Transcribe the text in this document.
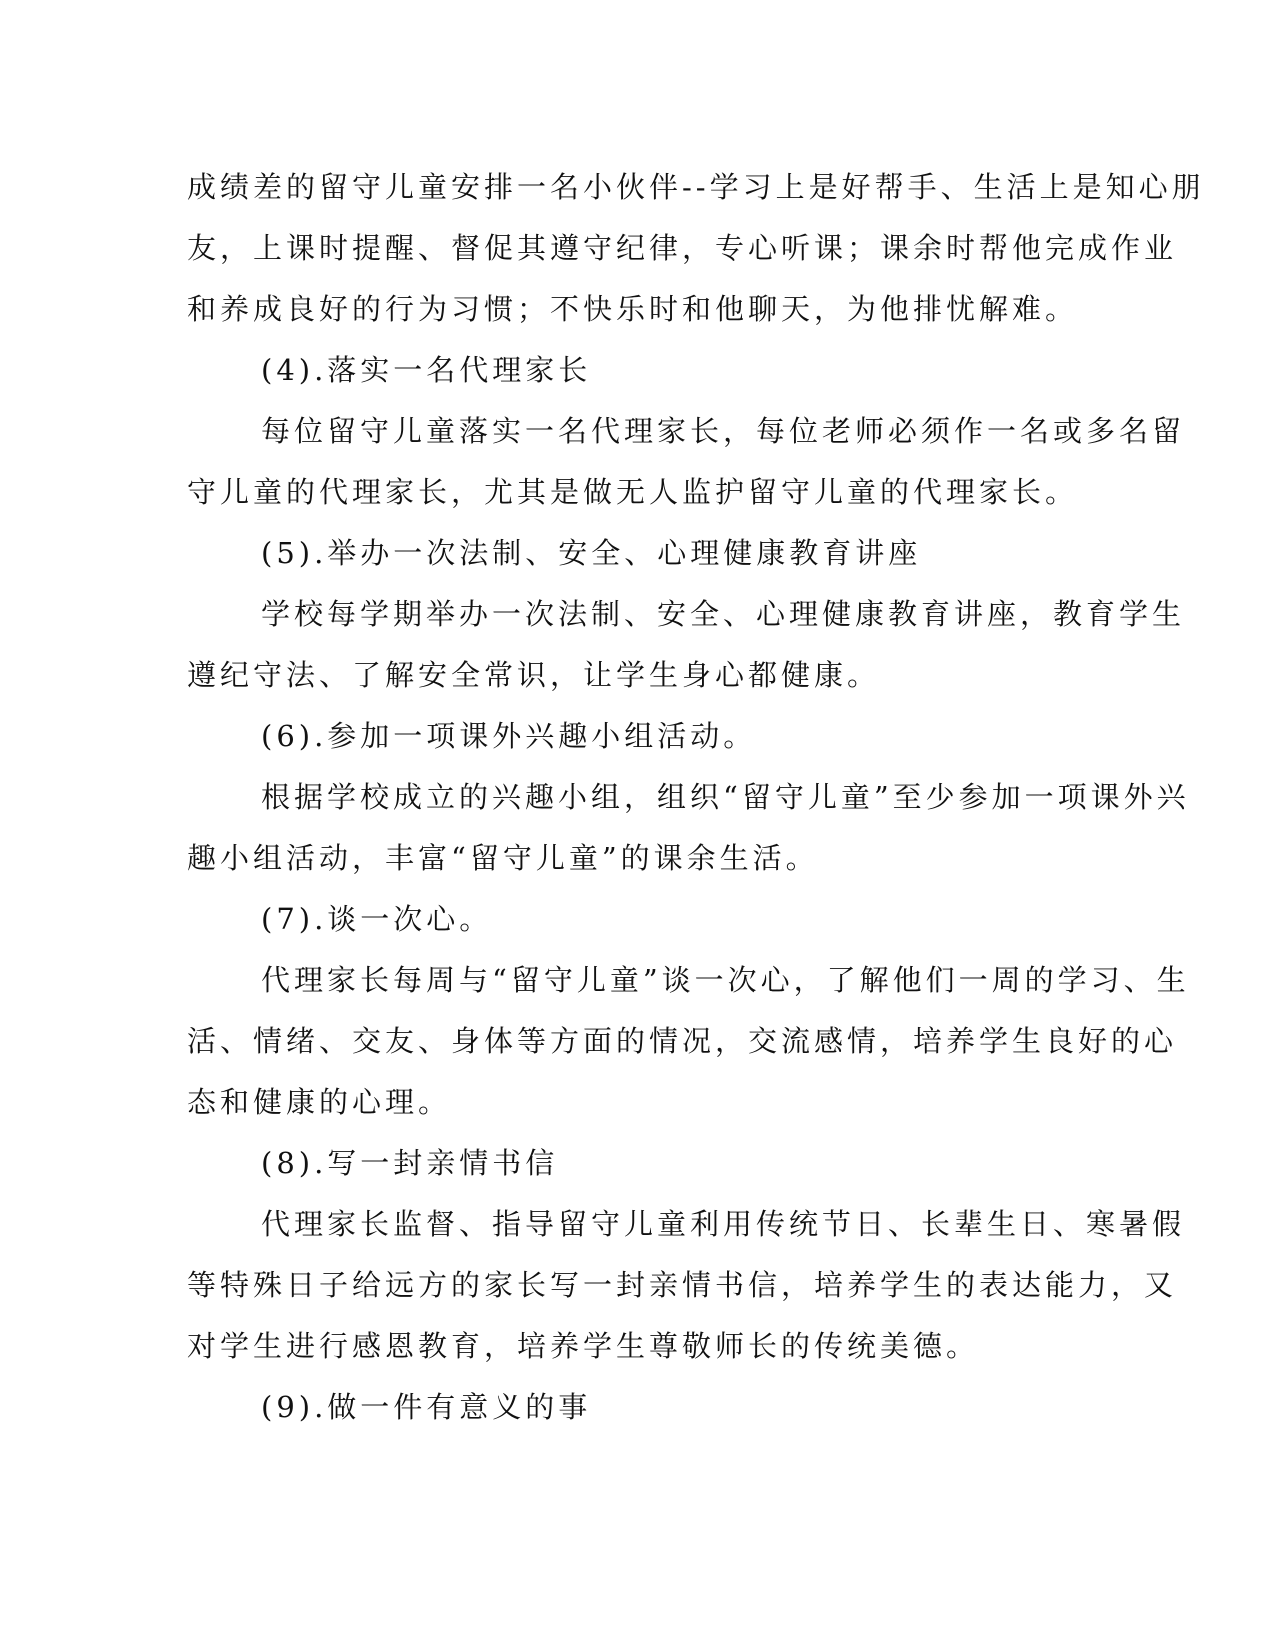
成绩差的留守儿童安排一名小伙伴--学习上是好帮手、生活上是知心朋
友，上课时提醒、督促其遵守纪律，专心听课；课余时帮他完成作业
和养成良好的行为习惯；不快乐时和他聊天，为他排忧解难。
(4).落实一名代理家长
每位留守儿童落实一名代理家长，每位老师必须作一名或多名留
守儿童的代理家长，尤其是做无人监护留守儿童的代理家长。
(5).举办一次法制、安全、心理健康教育讲座
学校每学期举办一次法制、安全、心理健康教育讲座，教育学生
遵纪守法、了解安全常识，让学生身心都健康。
(6).参加一项课外兴趣小组活动。
根据学校成立的兴趣小组，组织“留守儿童”至少参加一项课外兴
趣小组活动，丰富“留守儿童”的课余生活。
(7).谈一次心。
代理家长每周与“留守儿童”谈一次心，了解他们一周的学习、生
活、情绪、交友、身体等方面的情况，交流感情，培养学生良好的心
态和健康的心理。
(8).写一封亲情书信
代理家长监督、指导留守儿童利用传统节日、长辈生日、寒暑假
等特殊日子给远方的家长写一封亲情书信，培养学生的表达能力，又
对学生进行感恩教育，培养学生尊敬师长的传统美德。
(9).做一件有意义的事
